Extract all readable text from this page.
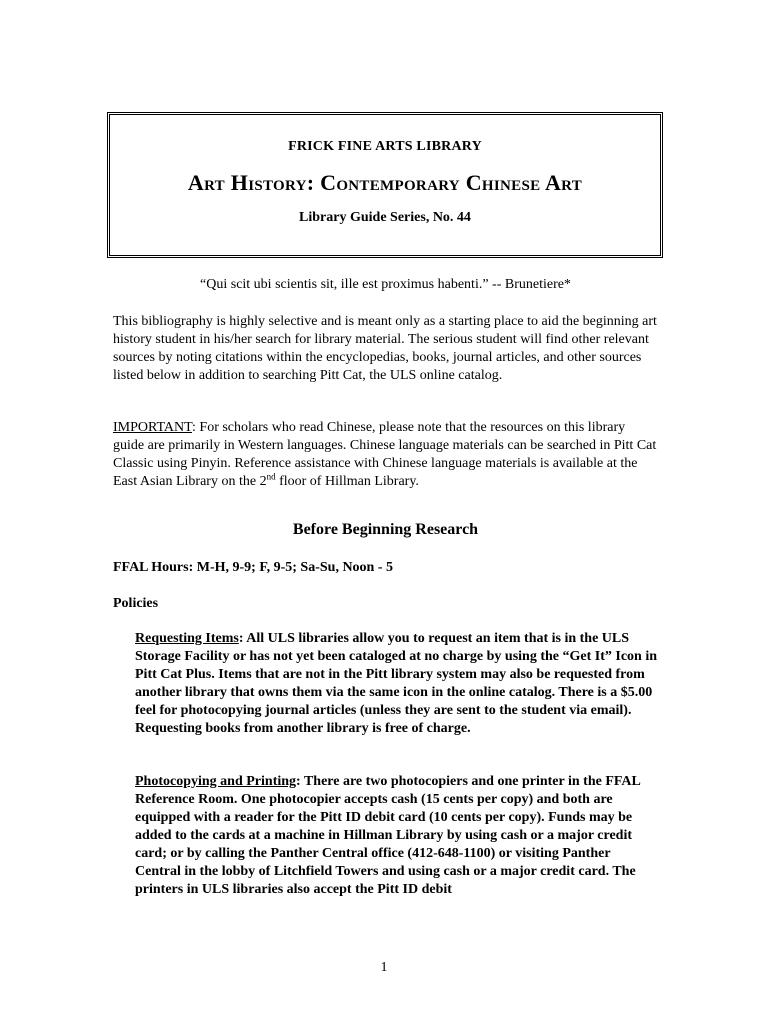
FRICK FINE ARTS LIBRARY
Art History: Contemporary Chinese Art
Library Guide Series, No. 44
“Qui scit ubi scientis sit, ille est proximus habenti.” -- Brunetiere*
This bibliography is highly selective and is meant only as a starting place to aid the beginning art history student in his/her search for library material. The serious student will find other relevant sources by noting citations within the encyclopedias, books, journal articles, and other sources listed below in addition to searching Pitt Cat, the ULS online catalog.
IMPORTANT: For scholars who read Chinese, please note that the resources on this library guide are primarily in Western languages. Chinese language materials can be searched in Pitt Cat Classic using Pinyin. Reference assistance with Chinese language materials is available at the East Asian Library on the 2nd floor of Hillman Library.
Before Beginning Research
FFAL Hours: M-H, 9-9; F, 9-5; Sa-Su, Noon - 5
Policies
Requesting Items: All ULS libraries allow you to request an item that is in the ULS Storage Facility or has not yet been cataloged at no charge by using the “Get It” Icon in Pitt Cat Plus. Items that are not in the Pitt library system may also be requested from another library that owns them via the same icon in the online catalog. There is a $5.00 feel for photocopying journal articles (unless they are sent to the student via email). Requesting books from another library is free of charge.
Photocopying and Printing: There are two photocopiers and one printer in the FFAL Reference Room. One photocopier accepts cash (15 cents per copy) and both are equipped with a reader for the Pitt ID debit card (10 cents per copy). Funds may be added to the cards at a machine in Hillman Library by using cash or a major credit card; or by calling the Panther Central office (412-648-1100) or visiting Panther Central in the lobby of Litchfield Towers and using cash or a major credit card. The printers in ULS libraries also accept the Pitt ID debit
1
